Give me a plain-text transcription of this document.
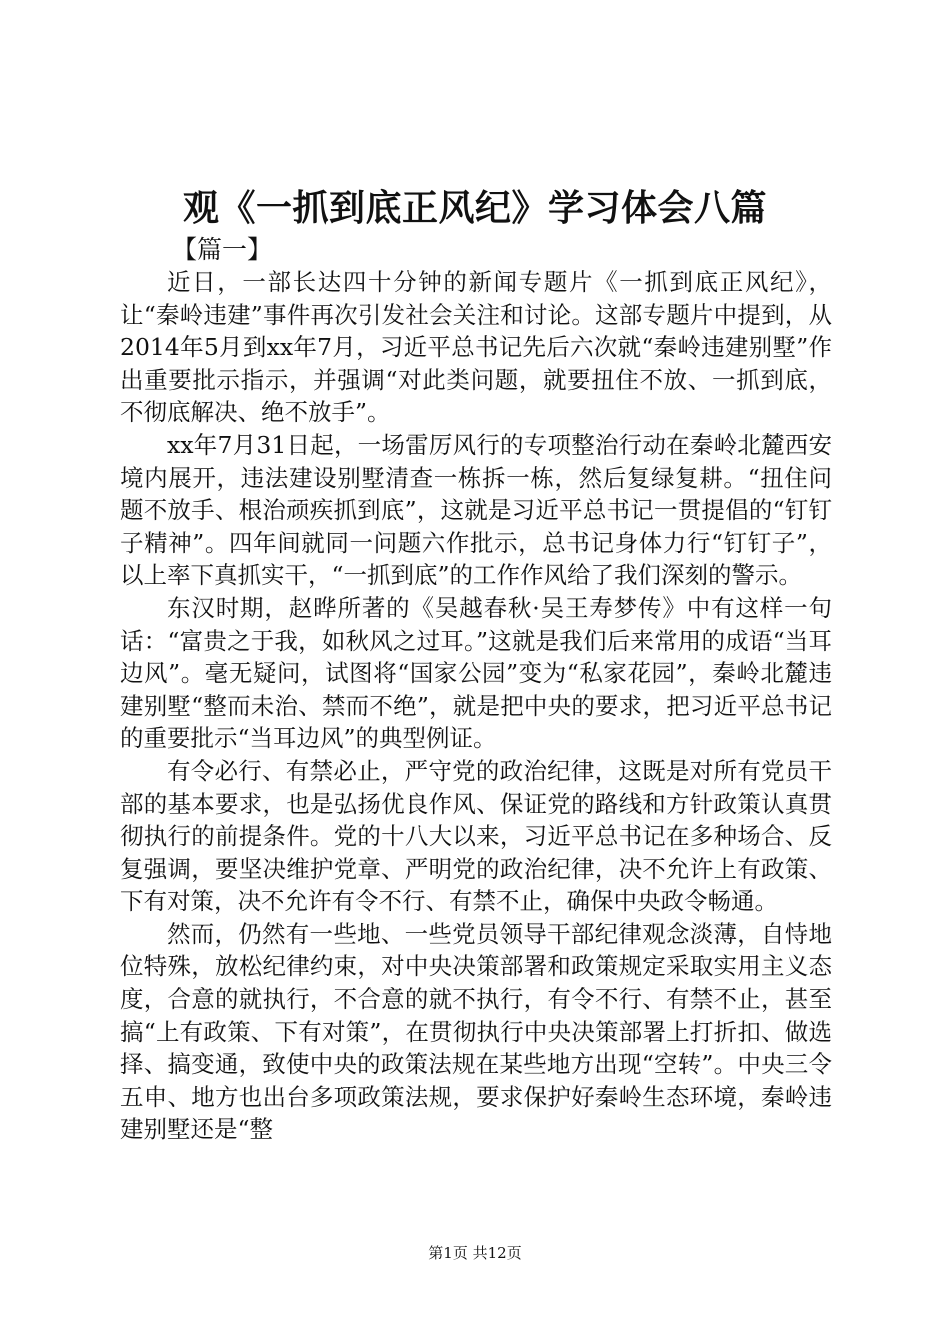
观《一抓到底正风纪》学习体会八篇
【篇一】

近日，一部长达四十分钟的新闻专题片《一抓到底正风纪》，让“秦岭违建”事件再次引发社会关注和讨论。这部专题片中提到，从2014年5月到xx年7月，习近平总书记先后六次就“秦岭违建别墅”作出重要批示指示，并强调“对此类问题，就要扭住不放、一抓到底，不彻底解决、绝不放手”。

xx年7月31日起，一场雷厉风行的专项整治行动在秦岭北麓西安境内展开，违法建设别墅清查一栋拆一栋，然后复绿复耕。“扭住问题不放手、根治顽疾抓到底”，这就是习近平总书记一贯提倡的“钉钉子精神”。四年间就同一问题六作批示，总书记身体力行“钉钉子”，以上率下真抓实干，“一抓到底”的工作作风给了我们深刻的警示。

东汉时期，赵晔所著的《吴越春秋·吴王寿梦传》中有这样一句话：“富贵之于我，如秋风之过耳。”这就是我们后来常用的成语“当耳边风”。毫无疑问，试图将“国家公园”变为“私家花园”，秦岭北麓违建别墅“整而未治、禁而不绝”，就是把中央的要求，把习近平总书记的重要批示“当耳边风”的典型例证。

有令必行、有禁必止，严守党的政治纪律，这既是对所有党员干部的基本要求，也是弘扬优良作风、保证党的路线和方针政策认真贯彻执行的前提条件。党的十八大以来，习近平总书记在多种场合、反复强调，要坚决维护党章、严明党的政治纪律，决不允许上有政策、下有对策，决不允许有令不行、有禁不止，确保中央政令畅通。

然而，仍然有一些地、一些党员领导干部纪律观念淡薄，自恃地位特殊，放松纪律约束，对中央决策部署和政策规定采取实用主义态度，合意的就执行，不合意的就不执行，有令不行、有禁不止，甚至搞“上有政策、下有对策”，在贯彻执行中央决策部署上打折扣、做选择、搞变通，致使中央的政策法规在某些地方出现“空转”。中央三令五申、地方也出台多项政策法规，要求保护好秦岭生态环境，秦岭违建别墅还是“整

第1页 共12页
